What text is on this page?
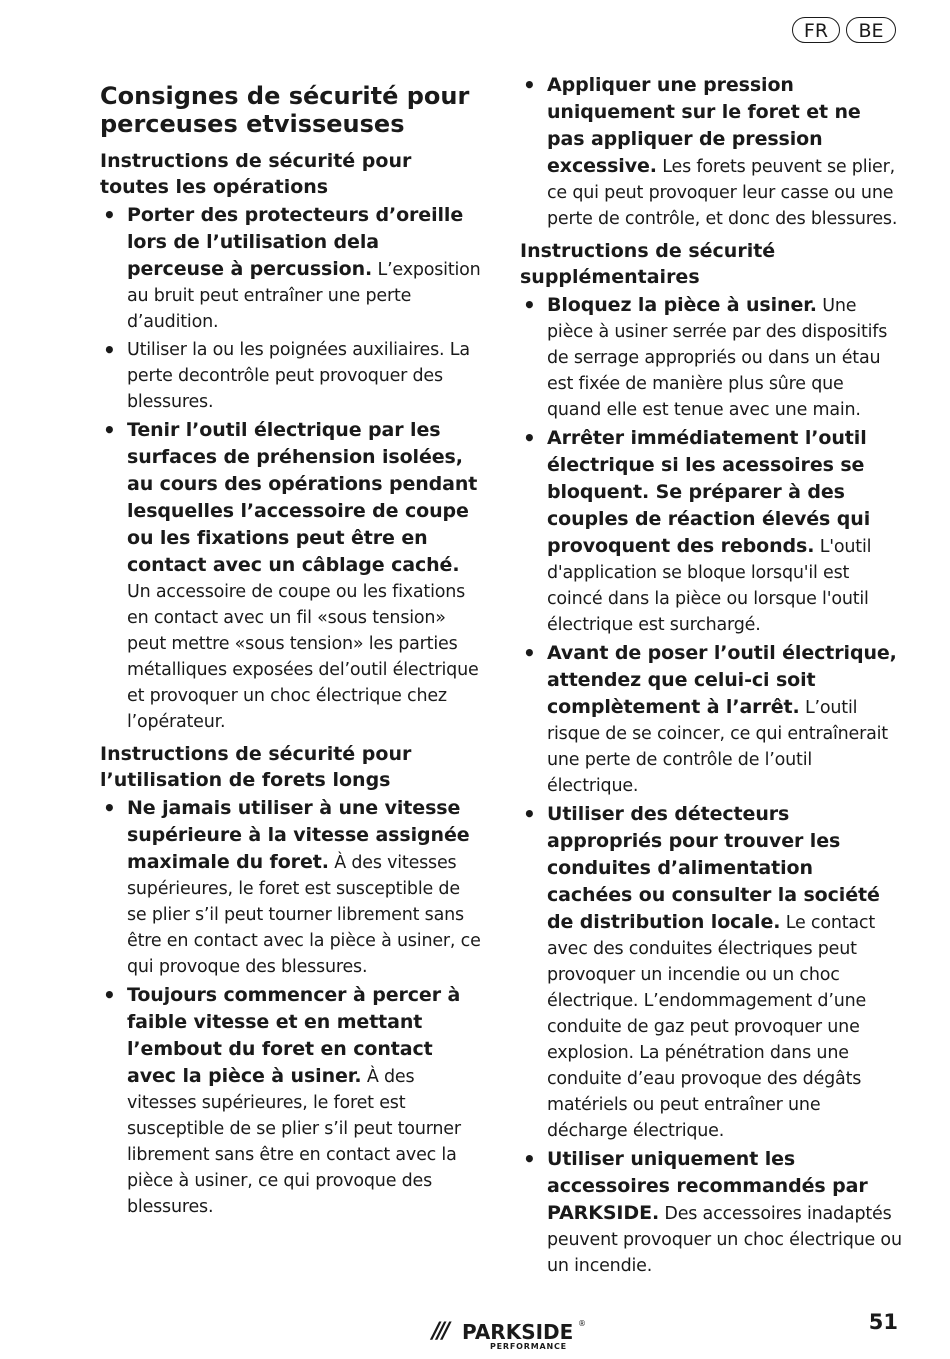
FR	BE
Consignes de sécurité pour perceuses etvisseuses
Instructions de sécurité pour toutes les opérations
• Porter des protecteurs d’oreille lors de l’utilisation dela perceuse à percussion. L’exposition au bruit peut entraîner une perte d’audition.
• Utiliser la ou les poignées auxiliaires. La perte decontrôle peut provoquer des blessures.
• Tenir l’outil électrique par les surfaces de préhension isolées, au cours des opérations pendant lesquelles l’accessoire de coupe ou les fixations peut être en contact avec un câblage caché. Un accessoire de coupe ou les fixations en contact avec un fil «sous tension» peut mettre «sous tension» les parties métalliques exposées del’outil électrique et provoquer un choc électrique chez l’opérateur.
Instructions de sécurité pour l’utilisation de forets longs
• Ne jamais utiliser à une vitesse supérieure à la vitesse assignée maximale du foret. À des vitesses supérieures, le foret est susceptible de se plier s’il peut tourner librement sans être en contact avec la pièce à usiner, ce qui provoque des blessures.
• Toujours commencer à percer à faible vitesse et en mettant l’embout du foret en contact avec la pièce à usiner. À des vitesses supérieures, le foret est susceptible de se plier s’il peut tourner librement sans être en contact avec la pièce à usiner, ce qui provoque des blessures.
• Appliquer une pression uniquement sur le foret et ne pas appliquer de pression excessive. Les forets peuvent se plier, ce qui peut provoquer leur casse ou une perte de contrôle, et donc des blessures.
Instructions de sécurité supplémentaires
• Bloquez la pièce à usiner. Une pièce à usiner serrée par des dispositifs de serrage appropriés ou dans un étau est fixée de manière plus sûre que quand elle est tenue avec une main.
• Arrêter immédiatement l’outil électrique si les acessoires se bloquent. Se préparer à des couples de réaction élevés qui provoquent des rebonds. L'outil d'application se bloque lorsqu'il est coincé dans la pièce ou lorsque l'outil électrique est surchargé.
• Avant de poser l’outil électrique, attendez que celui-ci soit complètement à l’arrêt. L’outil risque de se coincer, ce qui entraînerait une perte de contrôle de l’outil électrique.
• Utiliser des détecteurs appropriés pour trouver les conduites d’alimentation cachées ou consulter la société de distribution locale. Le contact avec des conduites électriques peut provoquer un incendie ou un choc électrique. L’endommagement d’une conduite de gaz peut provoquer une explosion. La pénétration dans une conduite d’eau provoque des dégâts matériels ou peut entraîner une décharge électrique.
• Utiliser uniquement les accessoires recommandés par PARKSIDE. Des accessoires inadaptés peuvent provoquer un choc électrique ou un incendie.
/// PARKSIDE ®
PERFORMANCE
51
